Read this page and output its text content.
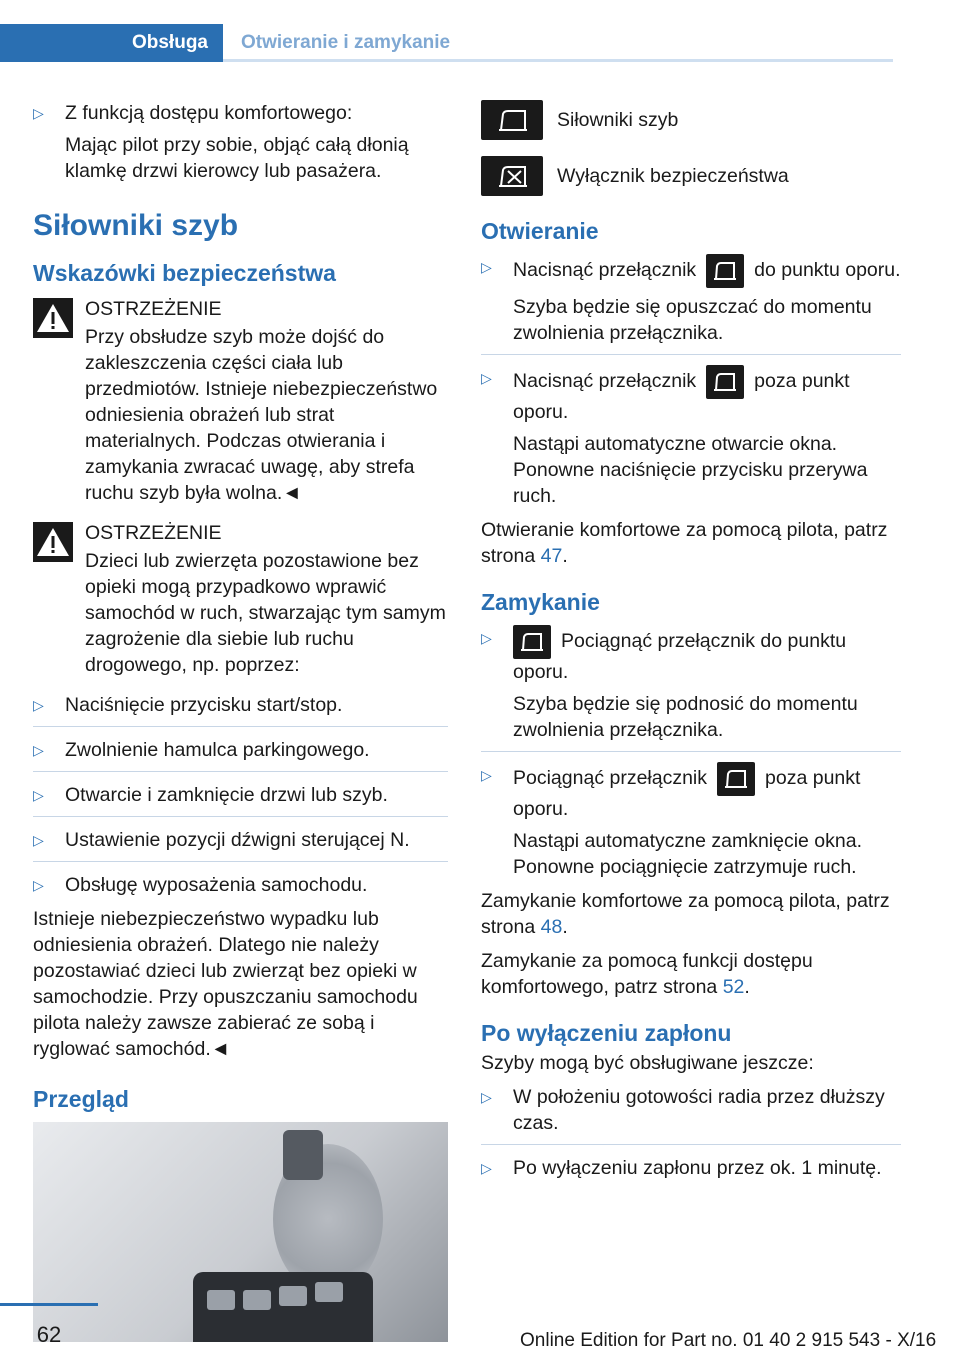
Obsługa	Otwieranie i zamykanie
▷ Z funkcją dostępu komfortowego:
Mając pilot przy sobie, objąć całą dłonią klamkę drzwi kierowcy lub pasażera.
Siłowniki szyb
Wskazówki bezpieczeństwa
OSTRZEŻENIE
Przy obsłudze szyb może dojść do zakleszczenia części ciała lub przedmiotów. Istnieje niebezpieczeństwo odniesienia obrażeń lub strat materialnych. Podczas otwierania i zamykania zwracać uwagę, aby strefa ruchu szyb była wolna.◄
OSTRZEŻENIE
Dzieci lub zwierzęta pozostawione bez opieki mogą przypadkowo wprawić samochód w ruch, stwarzając tym samym zagrożenie dla siebie lub ruchu drogowego, np. poprzez:
▷ Naciśnięcie przycisku start/stop.
▷ Zwolnienie hamulca parkingowego.
▷ Otwarcie i zamknięcie drzwi lub szyb.
▷ Ustawienie pozycji dźwigni sterującej N.
▷ Obsługę wyposażenia samochodu.

Istnieje niebezpieczeństwo wypadku lub odniesienia obrażeń. Dlatego nie należy pozostawiać dzieci lub zwierząt bez opieki w samochodzie. Przy opuszczaniu samochodu pilota należy zawsze zabierać ze sobą i ryglować samochód.◄

Przegląd
Siłowniki szyb
Wyłącznik bezpieczeństwa
Otwieranie
▷ Nacisnąć przełącznik	do punktu oporu.
Szyba będzie się opuszczać do momentu zwolnienia przełącznika.
▷ Nacisnąć przełącznik	poza punkt oporu.
Nastąpi automatyczne otwarcie okna. Ponowne naciśnięcie przycisku przerywa ruch.

Otwieranie komfortowe za pomocą pilota, patrz strona 47.

Zamykanie
▷	Pociągnąć przełącznik do punktu oporu.
Szyba będzie się podnosić do momentu zwolnienia przełącznika.
▷ Pociągnąć przełącznik	poza punkt oporu.
Nastąpi automatyczne zamknięcie okna. Ponowne pociągnięcie zatrzymuje ruch.

Zamykanie komfortowe za pomocą pilota, patrz strona 48.

Zamykanie za pomocą funkcji dostępu komfortowego, patrz strona 52.

Po wyłączeniu zapłonu

Szyby mogą być obsługiwane jeszcze:

▷ W położeniu gotowości radia przez dłuższy czas.
▷ Po wyłączeniu zapłonu przez ok. 1 minutę.
62	Online Edition for Part no. 01 40 2 915 543 - X/16
